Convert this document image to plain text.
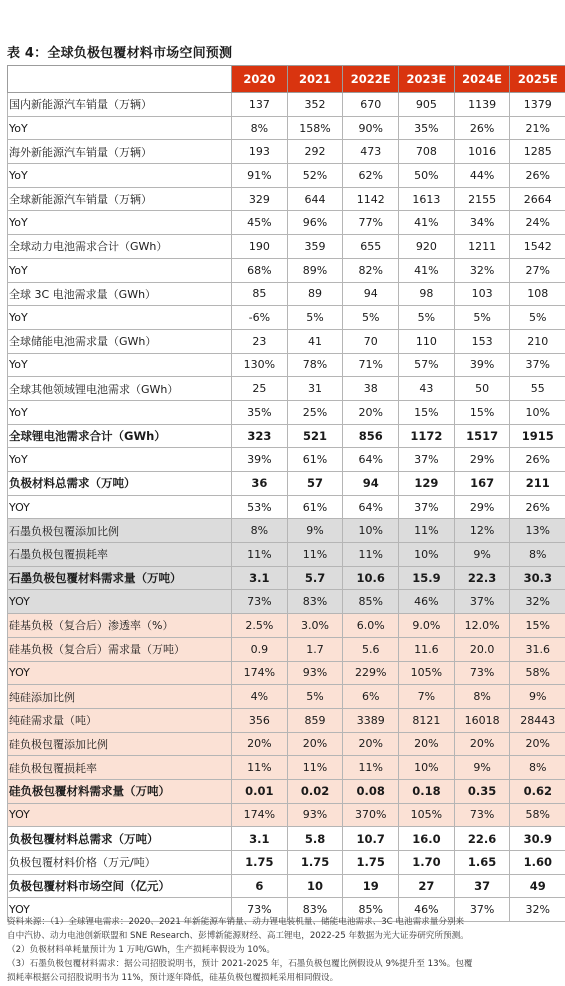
表 4：全球负极包覆材料市场空间预测
	2020	2021	2022E	2023E	2024E	2025E
国内新能源汽车销量（万辆）	137	352	670	905	1139	1379
YoY	8%	158%	90%	35%	26%	21%
海外新能源汽车销量（万辆）	193	292	473	708	1016	1285
YoY	91%	52%	62%	50%	44%	26%
全球新能源汽车销量（万辆）	329	644	1142	1613	2155	2664
YoY	45%	96%	77%	41%	34%	24%
全球动力电池需求合计（GWh）	190	359	655	920	1211	1542
YoY	68%	89%	82%	41%	32%	27%
全球 3C 电池需求量（GWh）	85	89	94	98	103	108
YoY	-6%	5%	5%	5%	5%	5%
全球储能电池需求量（GWh）	23	41	70	110	153	210
YoY	130%	78%	71%	57%	39%	37%
全球其他领域锂电池需求（GWh）	25	31	38	43	50	55
YoY	35%	25%	20%	15%	15%	10%
全球锂电池需求合计（GWh）	323	521	856	1172	1517	1915
YoY	39%	61%	64%	37%	29%	26%
负极材料总需求（万吨）	36	57	94	129	167	211
YOY	53%	61%	64%	37%	29%	26%
石墨负极包覆添加比例	8%	9%	10%	11%	12%	13%
石墨负极包覆损耗率	11%	11%	11%	10%	9%	8%
石墨负极包覆材料需求量（万吨）	3.1	5.7	10.6	15.9	22.3	30.3
YOY	73%	83%	85%	46%	37%	32%
硅基负极（复合后）渗透率（%）	2.5%	3.0%	6.0%	9.0%	12.0%	15%
硅基负极（复合后）需求量（万吨）	0.9	1.7	5.6	11.6	20.0	31.6
YOY	174%	93%	229%	105%	73%	58%
纯硅添加比例	4%	5%	6%	7%	8%	9%
纯硅需求量（吨）	356	859	3389	8121	16018	28443
硅负极包覆添加比例	20%	20%	20%	20%	20%	20%
硅负极包覆损耗率	11%	11%	11%	10%	9%	8%
硅负极包覆材料需求量（万吨）	0.01	0.02	0.08	0.18	0.35	0.62
YOY	174%	93%	370%	105%	73%	58%
负极包覆材料总需求（万吨）	3.1	5.8	10.7	16.0	22.6	30.9
负极包覆材料价格（万元/吨）	1.75	1.75	1.75	1.70	1.65	1.60
负极包覆材料市场空间（亿元）	6	10	19	27	37	49
YOY	73%	83%	85%	46%	37%	32%
资料来源：（1）全球锂电需求：2020、2021 年新能源车销量、动力锂电装机量、储能电池需求、3C 电池需求量分别来
自中汽协、动力电池创新联盟和 SNE Research、彭博新能源财经、高工锂电，2022-25 年数据为光大证券研究所预测。
（2）负极材料单耗量预计为 1 万吨/GWh，生产损耗率假设为 10%。
（3）石墨负极包覆材料需求：据公司招股说明书，预计 2021-2025 年，石墨负极包覆比例假设从 9%提升至 13%。包覆
损耗率根据公司招股说明书为 11%，预计逐年降低，硅基负极包覆损耗采用相同假设。
